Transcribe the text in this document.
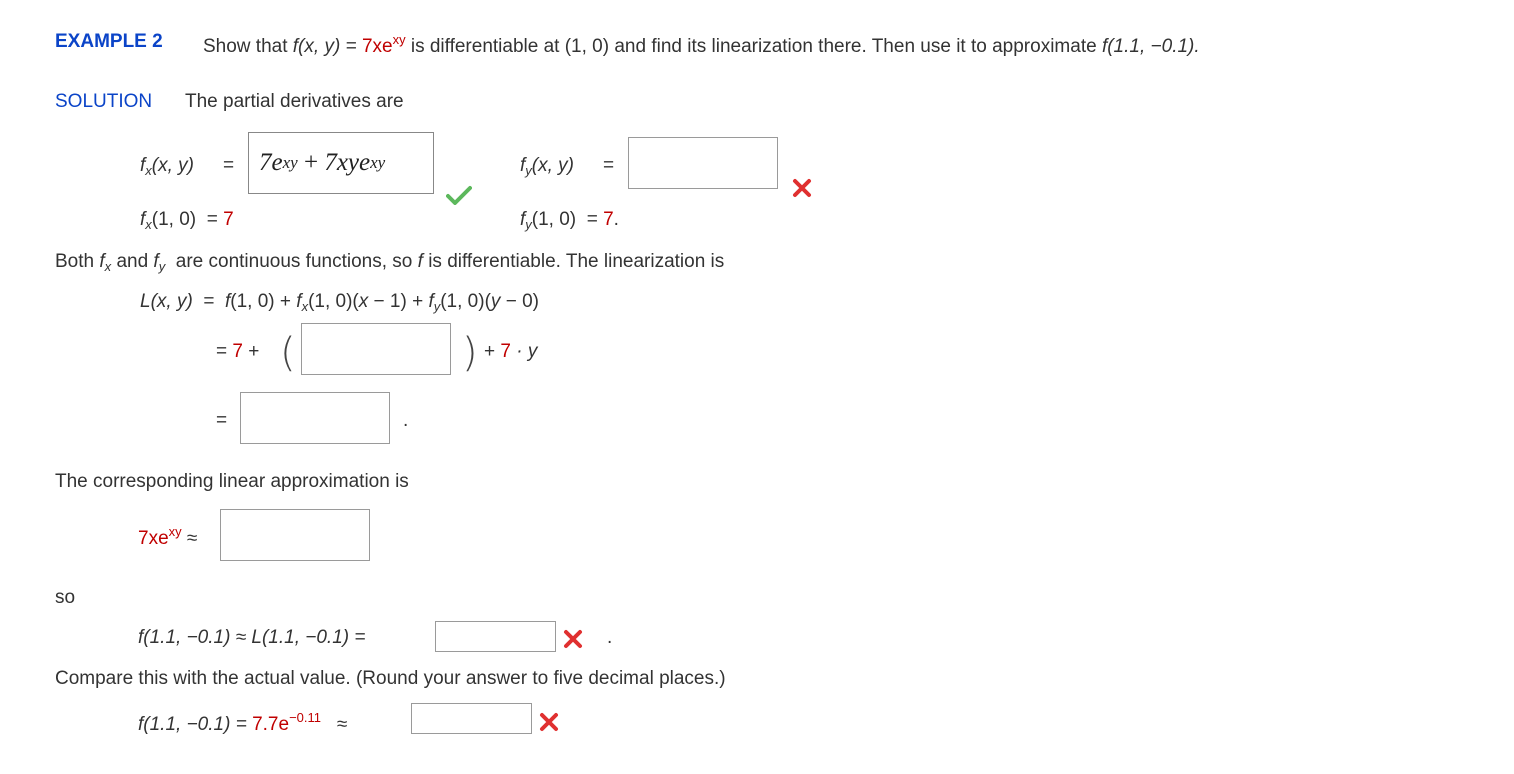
EXAMPLE 2 Show that f(x, $y) = 7xe^{xy}$ is differentiable at (1, 0) and find its linearization there. Then use it to approximate f(1.1, −0.1).
SOLUTION The partial derivatives are
$f_x(x$, y) = 7e xy + 7xye xy	$f_y(x$, y) =
$f_x(1$, 0) = 7	$f_y(1$, 0) = 7.
Both $f_x$ and $f_y$ are continuous functions, so f is differentiable. The linearization is
L(x, y)  =  f(1, $0) + f_x(1$, $0)(x - 1) + f_y(1$, 0)(y − 0)
= 7 + (	) + 7 · y
=	.
The corresponding linear approximation is
$7xe^{xy}$ ≈
so
f(1.1, −0.1) ≈ L(1.1, −0.1) =	.
Compare this with the actual value. (Round your answer to five decimal places.)
f(1.1, $-0.1) = 7.7e^{-0.11}$ ≈
